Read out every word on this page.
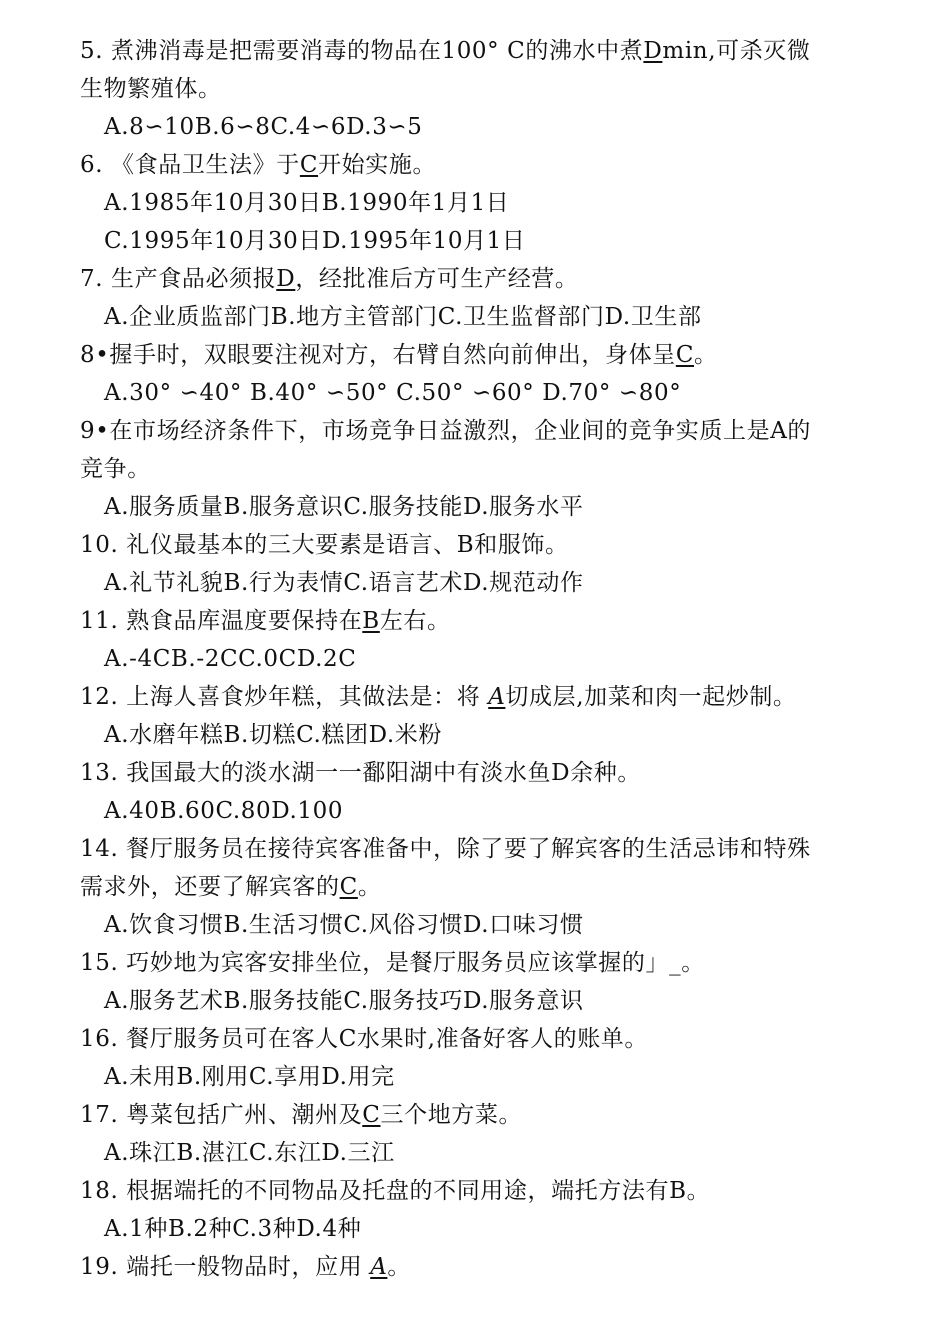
5. 煮沸消毒是把需要消毒的物品在100° C的沸水中煮Dmin,可杀灭微
生物繁殖体。
A.8∽10B.6∽8C.4∽6D.3∽5
6. 《食品卫生法》于C开始实施。
A.1985年10月30日B.1990年1月1日
C.1995年10月30日D.1995年10月1日
7. 生产食品必须报D，经批准后方可生产经营。
A.企业质监部门B.地方主管部门C.卫生监督部门D.卫生部
8•握手时，双眼要注视对方，右臂自然向前伸出，身体呈C。
A.30° ∽40° B.40° ∽50° C.50° ∽60° D.70° ∽80°
9•在市场经济条件下，市场竞争日益激烈，企业间的竞争实质上是A的
竞争。
A.服务质量B.服务意识C.服务技能D.服务水平
10. 礼仪最基本的三大要素是语言、B和服饰。
A.礼节礼貌B.行为表情C.语言艺术D.规范动作
11. 熟食品库温度要保持在B左右。
A.-4CB.-2CC.0CD.2C
12. 上海人喜食炒年糕，其做法是：将 A切成层,加菜和肉一起炒制。
A.水磨年糕B.切糕C.糕团D.米粉
13. 我国最大的淡水湖一一鄱阳湖中有淡水鱼D余种。
A.40B.60C.80D.100
14. 餐厅服务员在接待宾客准备中，除了要了解宾客的生活忌讳和特殊
需求外，还要了解宾客的C。
A.饮食习惯B.生活习惯C.风俗习惯D.口味习惯
15. 巧妙地为宾客安排坐位，是餐厅服务员应该掌握的」_。
A.服务艺术B.服务技能C.服务技巧D.服务意识
16. 餐厅服务员可在客人C水果时,准备好客人的账单。
A.未用B.刚用C.享用D.用完
17. 粤菜包括广州、潮州及C三个地方菜。
A.珠江B.湛江C.东江D.三江
18. 根据端托的不同物品及托盘的不同用途，端托方法有B。
A.1种B.2种C.3种D.4种
19. 端托一般物品时，应用 A。
